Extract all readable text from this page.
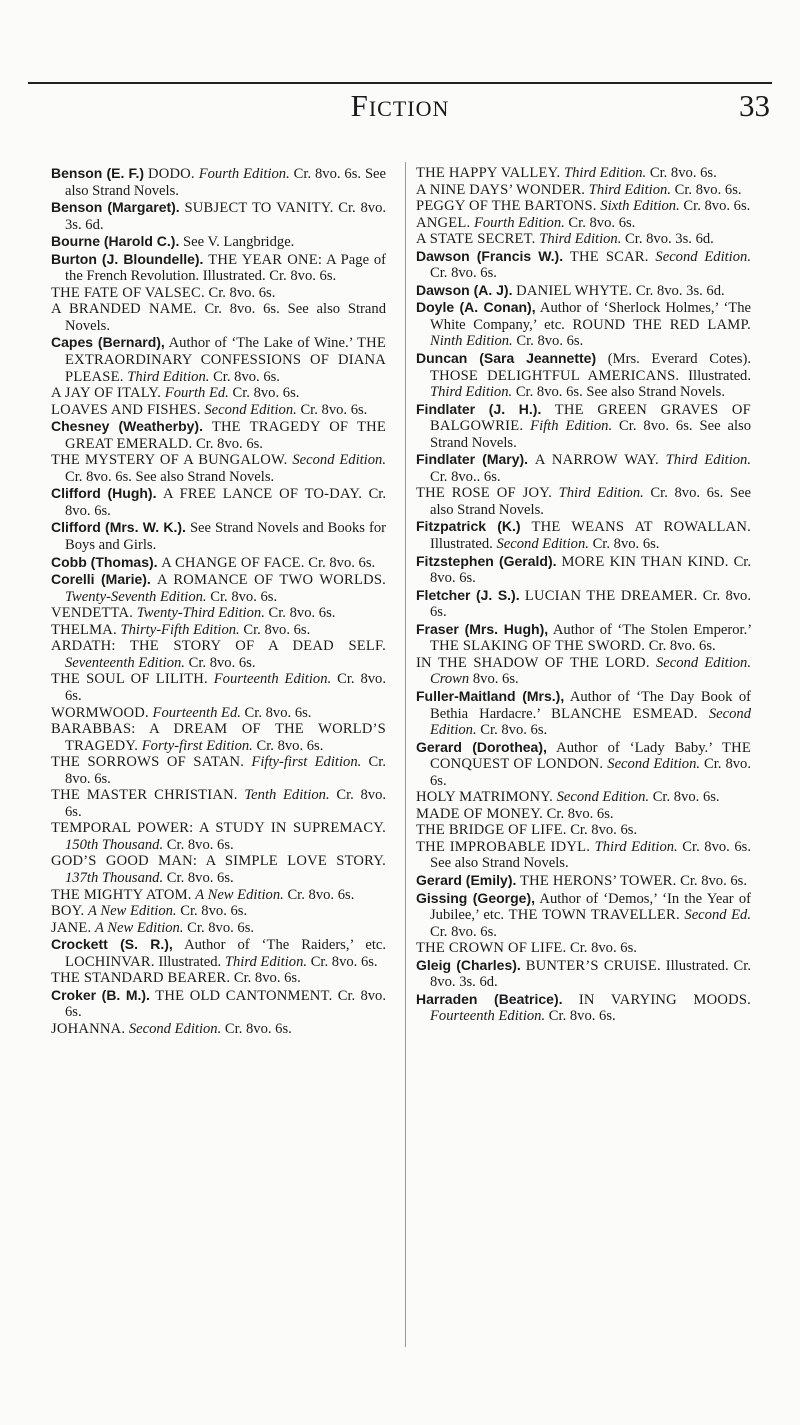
Fiction	33
Benson (E. F.) DODO. Fourth Edition. Cr. 8vo. 6s. See also Strand Novels.
Benson (Margaret). SUBJECT TO VANITY. Cr. 8vo. 3s. 6d.
Bourne (Harold C.). See V. Langbridge.
Burton (J. Bloundelle). THE YEAR ONE: A Page of the French Revolution. Illustrated. Cr. 8vo. 6s.
THE FATE OF VALSEC. Cr. 8vo. 6s.
A BRANDED NAME. Cr. 8vo. 6s. See also Strand Novels.
Capes (Bernard), Author of ‘The Lake of Wine.’ THE EXTRAORDINARY CONFESSIONS OF DIANA PLEASE. Third Edition. Cr. 8vo. 6s.
A JAY OF ITALY. Fourth Ed. Cr. 8vo. 6s.
LOAVES AND FISHES. Second Edition. Cr. 8vo. 6s.
Chesney (Weatherby). THE TRAGEDY OF THE GREAT EMERALD. Cr. 8vo. 6s.
THE MYSTERY OF A BUNGALOW. Second Edition. Cr. 8vo. 6s. See also Strand Novels.
Clifford (Hugh). A FREE LANCE OF TO-DAY. Cr. 8vo. 6s.
Clifford (Mrs. W. K.). See Strand Novels and Books for Boys and Girls.
Cobb (Thomas). A CHANGE OF FACE. Cr. 8vo. 6s.
Corelli (Marie). A ROMANCE OF TWO WORLDS. Twenty-Seventh Edition. Cr. 8vo. 6s.
VENDETTA. Twenty-Third Edition. Cr. 8vo. 6s.
THELMA. Thirty-Fifth Edition. Cr. 8vo. 6s.
ARDATH: THE STORY OF A DEAD SELF. Seventeenth Edition. Cr. 8vo. 6s.
THE SOUL OF LILITH. Fourteenth Edition. Cr. 8vo. 6s.
WORMWOOD. Fourteenth Ed. Cr. 8vo. 6s.
BARABBAS: A DREAM OF THE WORLD’S TRAGEDY. Forty-first Edition. Cr. 8vo. 6s.
THE SORROWS OF SATAN. Fifty-first Edition. Cr. 8vo. 6s.
THE MASTER CHRISTIAN. Tenth Edition. Cr. 8vo. 6s.
TEMPORAL POWER: A STUDY IN SUPREMACY. 150th Thousand. Cr. 8vo. 6s.
GOD’S GOOD MAN: A SIMPLE LOVE STORY. 137th Thousand. Cr. 8vo. 6s.
THE MIGHTY ATOM. A New Edition. Cr. 8vo. 6s.
BOY. A New Edition. Cr. 8vo. 6s.
JANE. A New Edition. Cr. 8vo. 6s.
Crockett (S. R.), Author of ‘The Raiders,’ etc. LOCHINVAR. Illustrated. Third Edition. Cr. 8vo. 6s.
THE STANDARD BEARER. Cr. 8vo. 6s.
Croker (B. M.). THE OLD CANTONMENT. Cr. 8vo. 6s.
JOHANNA. Second Edition. Cr. 8vo. 6s.
THE HAPPY VALLEY. Third Edition. Cr. 8vo. 6s.
A NINE DAYS’ WONDER. Third Edition. Cr. 8vo. 6s.
PEGGY OF THE BARTONS. Sixth Edition. Cr. 8vo. 6s.
ANGEL. Fourth Edition. Cr. 8vo. 6s.
A STATE SECRET. Third Edition. Cr. 8vo. 3s. 6d.
Dawson (Francis W.). THE SCAR. Second Edition. Cr. 8vo. 6s.
Dawson (A. J). DANIEL WHYTE. Cr. 8vo. 3s. 6d.
Doyle (A. Conan), Author of ‘Sherlock Holmes,’ ‘The White Company,’ etc. ROUND THE RED LAMP. Ninth Edition. Cr. 8vo. 6s.
Duncan (Sara Jeannette) (Mrs. Everard Cotes). THOSE DELIGHTFUL AMERICANS. Illustrated. Third Edition. Cr. 8vo. 6s. See also Strand Novels.
Findlater (J. H.). THE GREEN GRAVES OF BALGOWRIE. Fifth Edition. Cr. 8vo. 6s. See also Strand Novels.
Findlater (Mary). A NARROW WAY. Third Edition. Cr. 8vo.. 6s.
THE ROSE OF JOY. Third Edition. Cr. 8vo. 6s. See also Strand Novels.
Fitzpatrick (K.) THE WEANS AT ROWALLAN. Illustrated. Second Edition. Cr. 8vo. 6s.
Fitzstephen (Gerald). MORE KIN THAN KIND. Cr. 8vo. 6s.
Fletcher (J. S.). LUCIAN THE DREAMER. Cr. 8vo. 6s.
Fraser (Mrs. Hugh), Author of ‘The Stolen Emperor.’ THE SLAKING OF THE SWORD. Cr. 8vo. 6s.
IN THE SHADOW OF THE LORD. Second Edition. Crown 8vo. 6s.
Fuller-Maitland (Mrs.), Author of ‘The Day Book of Bethia Hardacre.’ BLANCHE ESMEAD. Second Edition. Cr. 8vo. 6s.
Gerard (Dorothea), Author of ‘Lady Baby.’ THE CONQUEST OF LONDON. Second Edition. Cr. 8vo. 6s.
HOLY MATRIMONY. Second Edition. Cr. 8vo. 6s.
MADE OF MONEY. Cr. 8vo. 6s.
THE BRIDGE OF LIFE. Cr. 8vo. 6s.
THE IMPROBABLE IDYL. Third Edition. Cr. 8vo. 6s. See also Strand Novels.
Gerard (Emily). THE HERONS’ TOWER. Cr. 8vo. 6s.
Gissing (George), Author of ‘Demos,’ ‘In the Year of Jubilee,’ etc. THE TOWN TRAVELLER. Second Ed. Cr. 8vo. 6s.
THE CROWN OF LIFE. Cr. 8vo. 6s.
Gleig (Charles). BUNTER’S CRUISE. Illustrated. Cr. 8vo. 3s. 6d.
Harraden (Beatrice). IN VARYING MOODS. Fourteenth Edition. Cr. 8vo. 6s.
